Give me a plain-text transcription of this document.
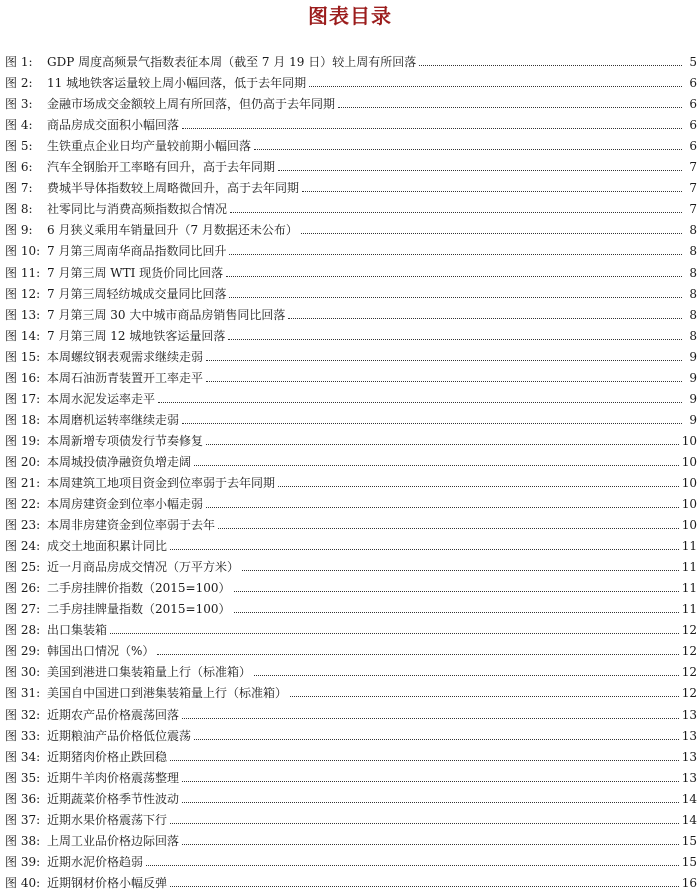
图表目录
图 1:	GDP 周度高频景气指数表征本周（截至 7 月 19 日）较上周有所回落	5
图 2:	11 城地铁客运量较上周小幅回落，低于去年同期	6
图 3:	金融市场成交金额较上周有所回落，但仍高于去年同期	6
图 4:	商品房成交面积小幅回落	6
图 5:	生铁重点企业日均产量较前期小幅回落	6
图 6:	汽车全钢胎开工率略有回升，高于去年同期	7
图 7:	费城半导体指数较上周略微回升，高于去年同期	7
图 8:	社零同比与消费高频指数拟合情况	7
图 9:	6 月狭义乘用车销量回升（7 月数据还未公布）	8
图 10: 7 月第三周南华商品指数同比回升	8
图 11: 7 月第三周 WTI 现货价同比回落	8
图 12: 7 月第三周轻纺城成交量同比回落	8
图 13: 7 月第三周 30 大中城市商品房销售同比回落	8
图 14: 7 月第三周 12 城地铁客运量回落	8
图 15: 本周螺纹钢表观需求继续走弱	9
图 16: 本周石油沥青装置开工率走平	9
图 17: 本周水泥发运率走平	9
图 18: 本周磨机运转率继续走弱	9
图 19: 本周新增专项债发行节奏修复	10
图 20: 本周城投债净融资负增走阔	10
图 21: 本周建筑工地项目资金到位率弱于去年同期	10
图 22: 本周房建资金到位率小幅走弱	10
图 23: 本周非房建资金到位率弱于去年	10
图 24: 成交土地面积累计同比	11
图 25: 近一月商品房成交情况（万平方米）	11
图 26: 二手房挂牌价指数（2015=100）	11
图 27: 二手房挂牌量指数（2015=100）	11
图 28: 出口集装箱	12
图 29: 韩国出口情况（%）	12
图 30: 美国到港进口集装箱量上行（标准箱）	12
图 31: 美国自中国进口到港集装箱量上行（标准箱）	12
图 32: 近期农产品价格震荡回落	13
图 33: 近期粮油产品价格低位震荡	13
图 34: 近期猪肉价格止跌回稳	13
图 35: 近期牛羊肉价格震荡整理	13
图 36: 近期蔬菜价格季节性波动	14
图 37: 近期水果价格震荡下行	14
图 38: 上周工业品价格边际回落	15
图 39: 近期水泥价格趋弱	15
图 40: 近期钢材价格小幅反弹	16
